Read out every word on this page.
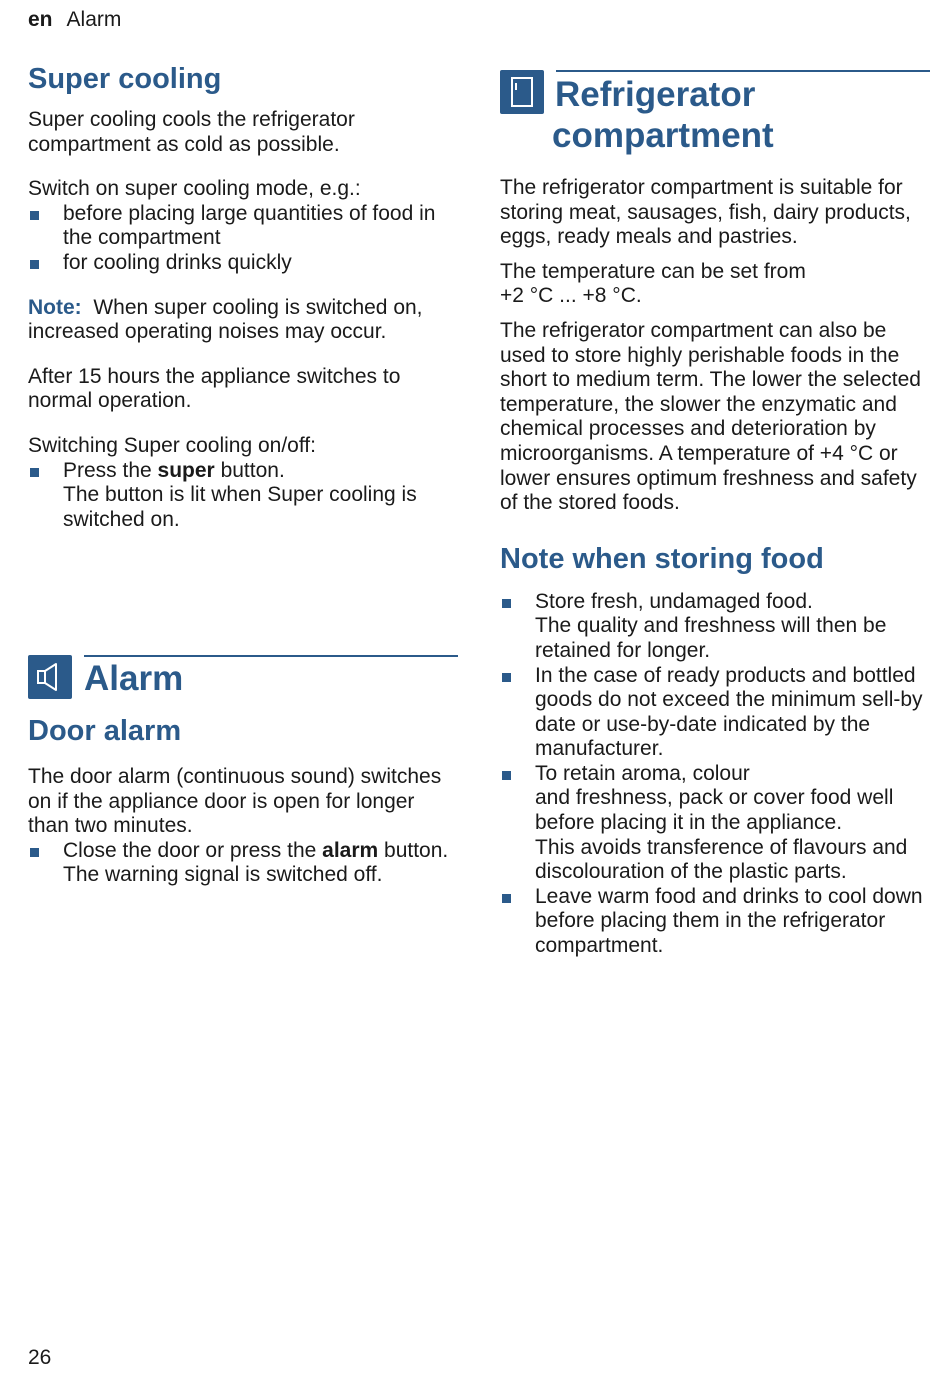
en Alarm
Super cooling

Super cooling cools the refrigerator compartment as cold as possible.

Switch on super cooling mode, e.g.:

before placing large quantities of food in the compartment
for cooling drinks quickly

Note: When super cooling is switched on, increased operating noises may occur.

After 15 hours the appliance switches to normal operation.

Switching Super cooling on/off:

Press the super button.
The button is lit when Super cooling is switched on.
Alarm
Door alarm

The door alarm (continuous sound) switches on if the appliance door is open for longer than two minutes.

Close the door or press the alarm button.
The warning signal is switched off.
Refrigerator
compartment

The refrigerator compartment is suitable for storing meat, sausages, fish, dairy products, eggs, ready meals and pastries.

The temperature can be set from
+2 °C ... +8 °C.

The refrigerator compartment can also be used to store highly perishable foods in the short to medium term. The lower the selected temperature, the slower the enzymatic and chemical processes and deterioration by microorganisms. A temperature of +4 °C or lower ensures optimum freshness and safety of the stored foods.

Note when storing food
Store fresh, undamaged food.
The quality and freshness will then be retained for longer.
In the case of ready products and bottled goods do not exceed the minimum sell-by date or use-by-date indicated by the manufacturer.
To retain aroma, colour
and freshness, pack or cover food well before placing it in the appliance.
This avoids transference of flavours and discolouration of the plastic parts.
Leave warm food and drinks to cool down before placing them in the refrigerator compartment.
26
